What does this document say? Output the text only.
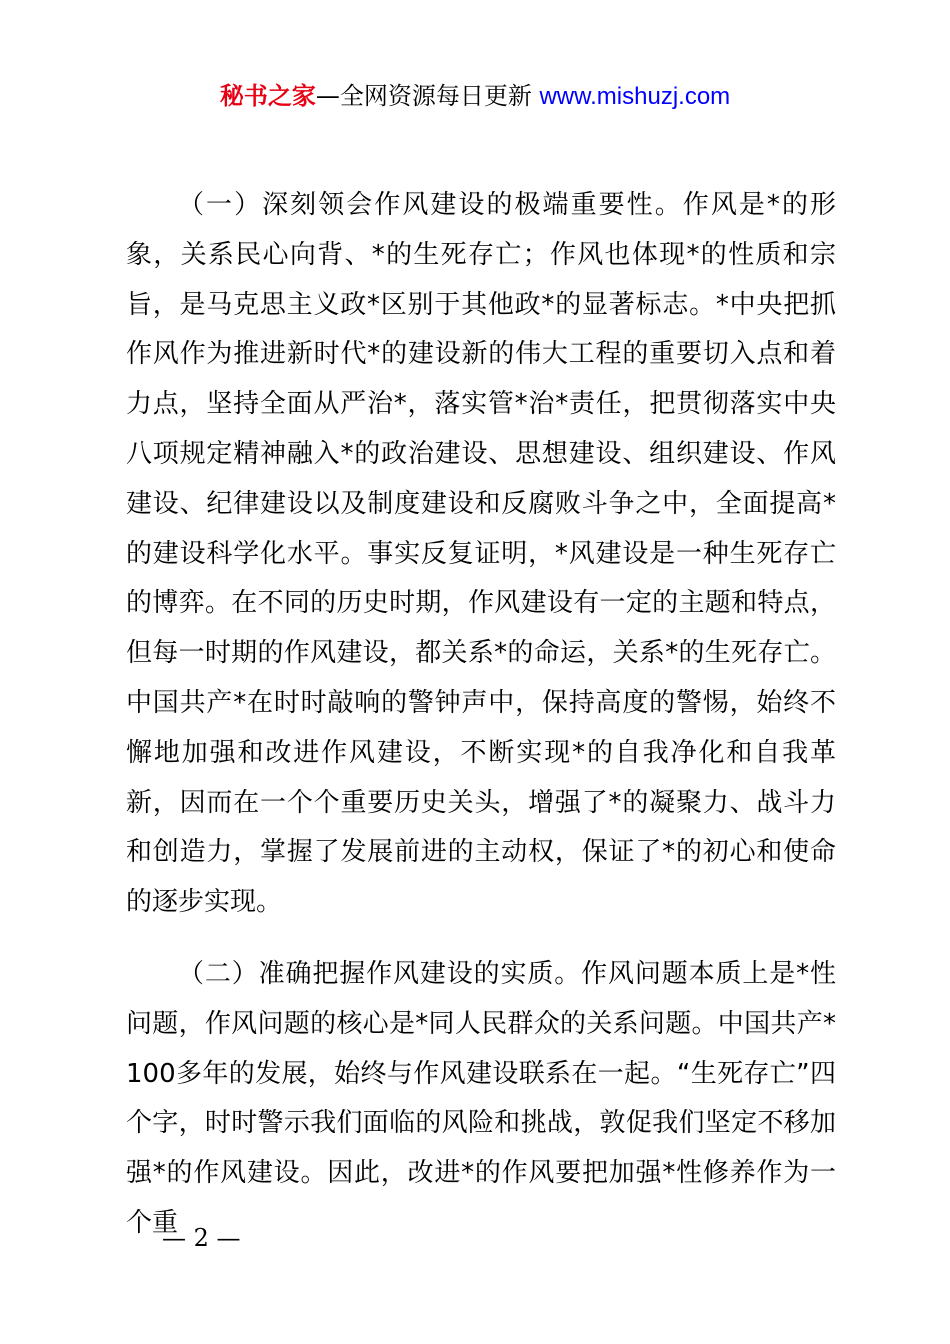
秘书之家—全网资源每日更新 www.mishuzj.com

（一）深刻领会作风建设的极端重要性。作风是*的形象，关系民心向背、*的生死存亡；作风也体现*的性质和宗旨，是马克思主义政*区别于其他政*的显著标志。*中央把抓作风作为推进新时代*的建设新的伟大工程的重要切入点和着力点，坚持全面从严治*，落实管*治*责任，把贯彻落实中央八项规定精神融入*的政治建设、思想建设、组织建设、作风建设、纪律建设以及制度建设和反腐败斗争之中，全面提高*的建设科学化水平。事实反复证明，*风建设是一种生死存亡的博弈。在不同的历史时期，作风建设有一定的主题和特点，但每一时期的作风建设，都关系*的命运，关系*的生死存亡。中国共产*在时时敲响的警钟声中，保持高度的警惕，始终不懈地加强和改进作风建设，不断实现*的自我净化和自我革新，因而在一个个重要历史关头，增强了*的凝聚力、战斗力和创造力，掌握了发展前进的主动权，保证了*的初心和使命的逐步实现。

（二）准确把握作风建设的实质。作风问题本质上是*性问题，作风问题的核心是*同人民群众的关系问题。中国共产*100多年的发展，始终与作风建设联系在一起。“生死存亡”四个字，时时警示我们面临的风险和挑战，敦促我们坚定不移加强*的作风建设。因此，改进*的作风要把加强*性修养作为一个重

— 2 —
